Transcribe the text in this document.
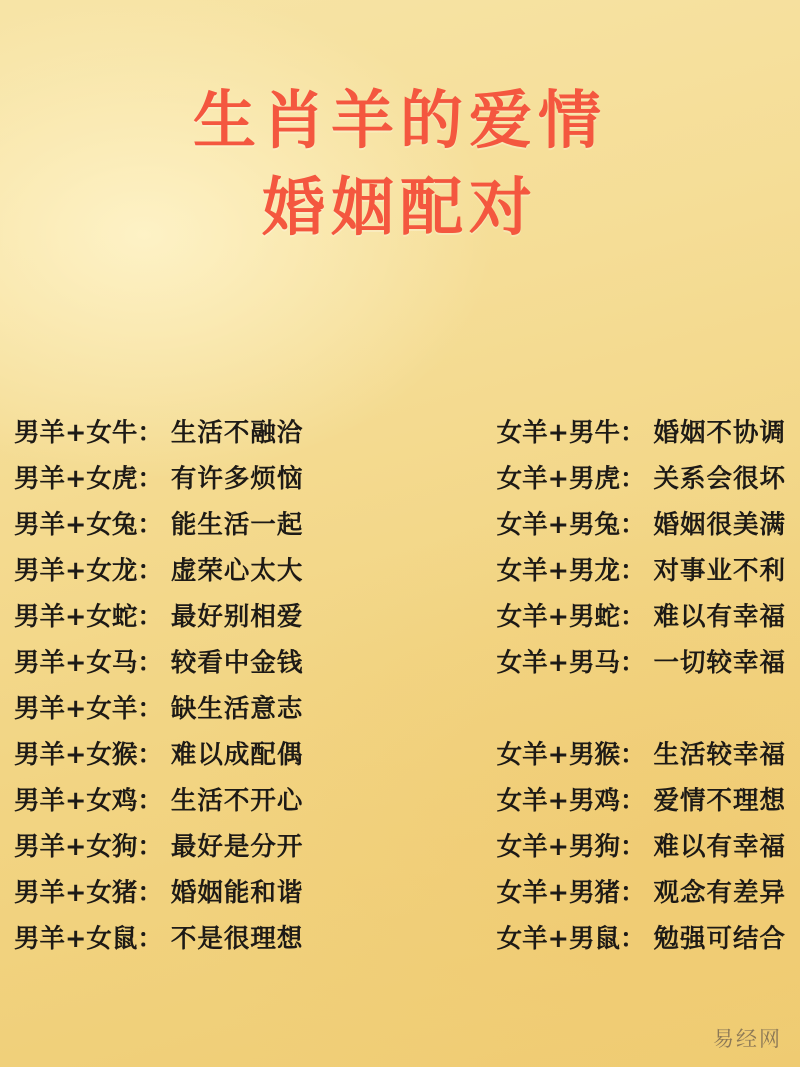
生肖羊的爱情
婚姻配对
男羊+女牛 ： 生活不融洽	女羊+男牛 ： 婚姻不协调
男羊+女虎 ： 有许多烦恼	女羊+男虎 ： 关系会很坏
男羊+女兔 ： 能生活一起	女羊+男兔 ： 婚姻很美满
男羊+女龙 ： 虚荣心太大	女羊+男龙 ： 对事业不利
男羊+女蛇 ： 最好别相爱	女羊+男蛇 ： 难以有幸福
男羊+女马 ： 较看中金钱	女羊+男马 ： 一切较幸福
男羊+女羊 ： 缺生活意志
男羊+女猴 ： 难以成配偶	女羊+男猴 ： 生活较幸福
男羊+女鸡 ： 生活不开心	女羊+男鸡 ： 爱情不理想
男羊+女狗 ： 最好是分开	女羊+男狗 ： 难以有幸福
男羊+女猪 ： 婚姻能和谐	女羊+男猪 ： 观念有差异
男羊+女鼠 ： 不是很理想	女羊+男鼠 ： 勉强可结合
易经网
